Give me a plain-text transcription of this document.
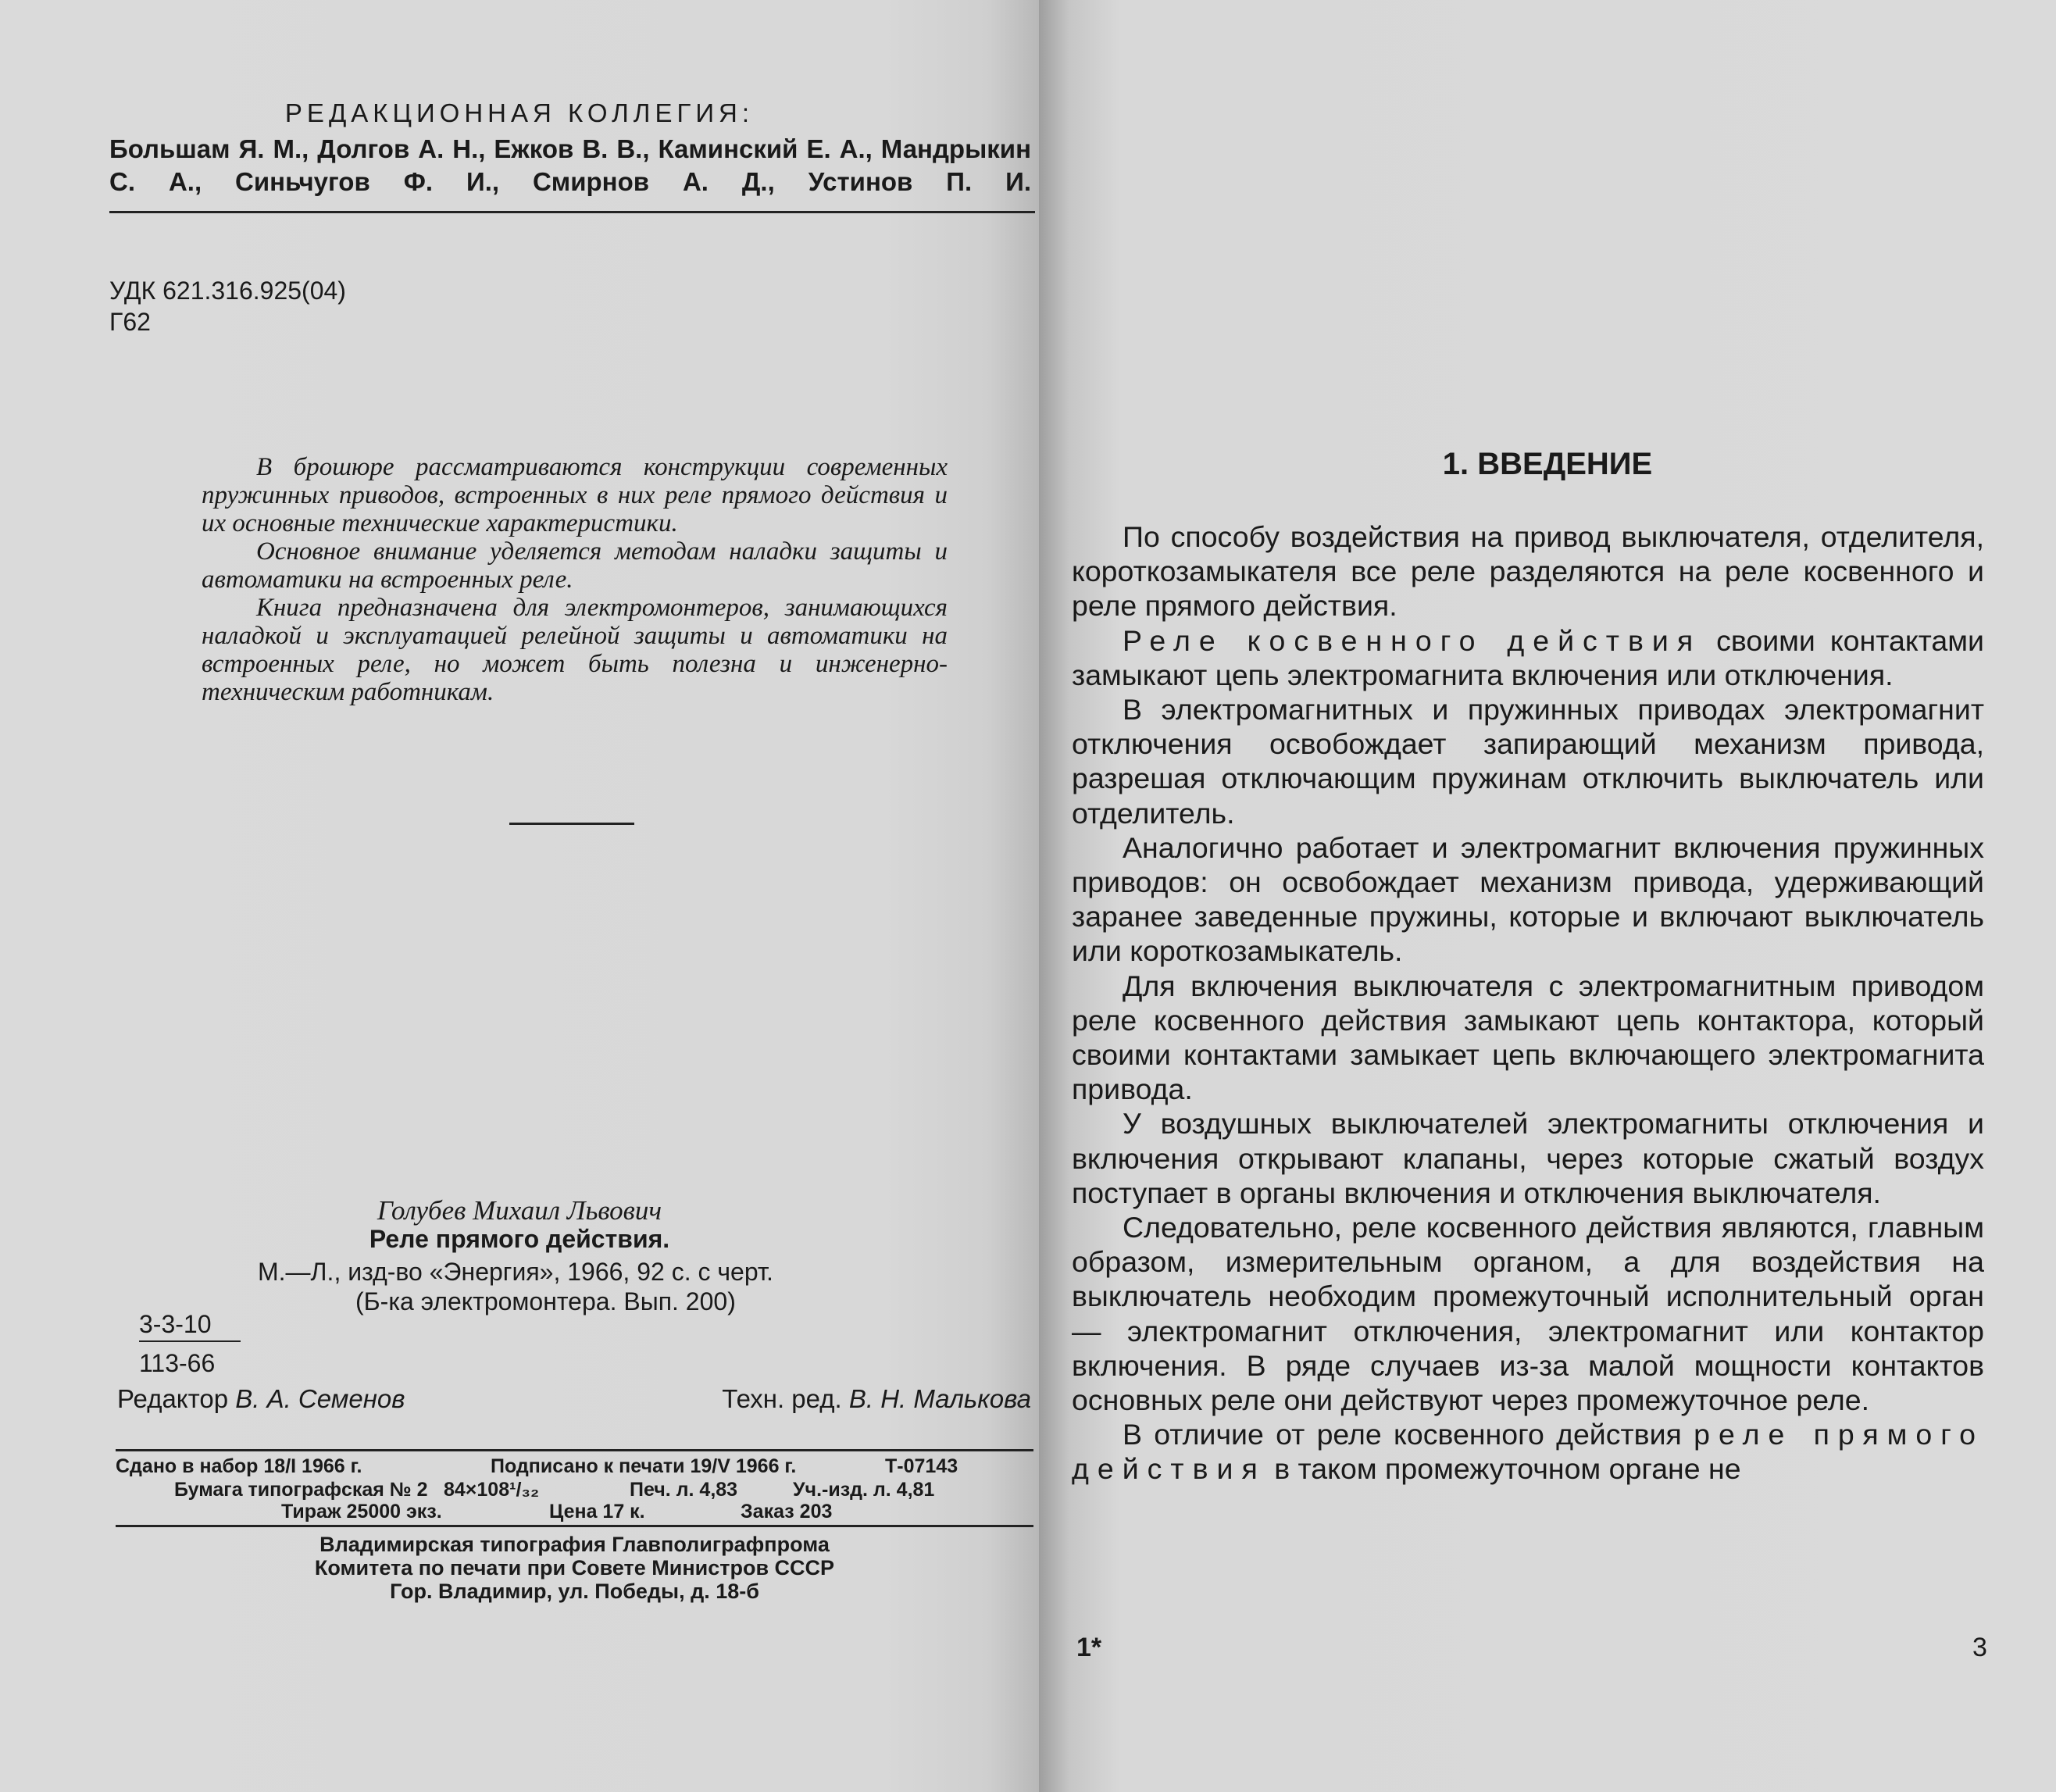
РЕДАКЦИОННАЯ КОЛЛЕГИЯ:
Большам Я. М., Долгов А. Н., Ежков В. В., Каминский Е. А., Мандрыкин С. А., Синьчугов Ф. И., Смирнов А. Д., Устинов П. И.
УДК 621.316.925(04)
Г62

В брошюре рассматриваются конструкции современных пружинных приводов, встроенных в них реле прямого действия и их основные технические характеристики.

Основное внимание уделяется методам наладки защиты и автоматики на встроенных реле.

Книга предназначена для электромонтеров, занимающихся наладкой и эксплуатацией релейной защиты и автоматики на встроенных реле, но может быть полезна и инженерно-техническим работникам.

Голубев Михаил Львович
Реле прямого действия.
М.—Л., изд-во «Энергия», 1966, 92 с. с черт.
(Б-ка электромонтера. Вып. 200)
3-3-10
113-66
Редактор В. А. Семенов	Техн. ред. В. Н. Малькова
Сдано в набор 18/I 1966 г.	Подписано к печати 19/V 1966 г.	Т-07143
Бумага типографская № 2 84×108¹/₃₂	Печ. л. 4,83	Уч.-изд. л. 4,81
Тираж 25000 экз.	Цена 17 к.	Заказ 203
Владимирская типография Главполиграфпрома
Комитета по печати при Совете Министров СССР
Гор. Владимир, ул. Победы, д. 18-б
1. ВВЕДЕНИЕ

По способу воздействия на привод выключателя, отделителя, короткозамыкателя все реле разделяются на реле косвенного и реле прямого действия.

Реле косвенного действия своими контактами замыкают цепь электромагнита включения или отключения.

В электромагнитных и пружинных приводах электромагнит отключения освобождает запирающий механизм привода, разрешая отключающим пружинам отключить выключатель или отделитель.

Аналогично работает и электромагнит включения пружинных приводов: он освобождает механизм привода, удерживающий заранее заведенные пружины, которые и включают выключатель или короткозамыкатель.

Для включения выключателя с электромагнитным приводом реле косвенного действия замыкают цепь контактора, который своими контактами замыкает цепь включающего электромагнита привода.

У воздушных выключателей электромагниты отключения и включения открывают клапаны, через которые сжатый воздух поступает в органы включения и отключения выключателя.

Следовательно, реле косвенного действия являются, главным образом, измерительным органом, а для воздействия на выключатель необходим промежуточный исполнительный орган — электромагнит отключения, электромагнит или контактор включения. В ряде случаев из-за малой мощности контактов основных реле они действуют через промежуточное реле.

В отличие от реле косвенного действия реле прямого действия в таком промежуточном органе не

1*	3
